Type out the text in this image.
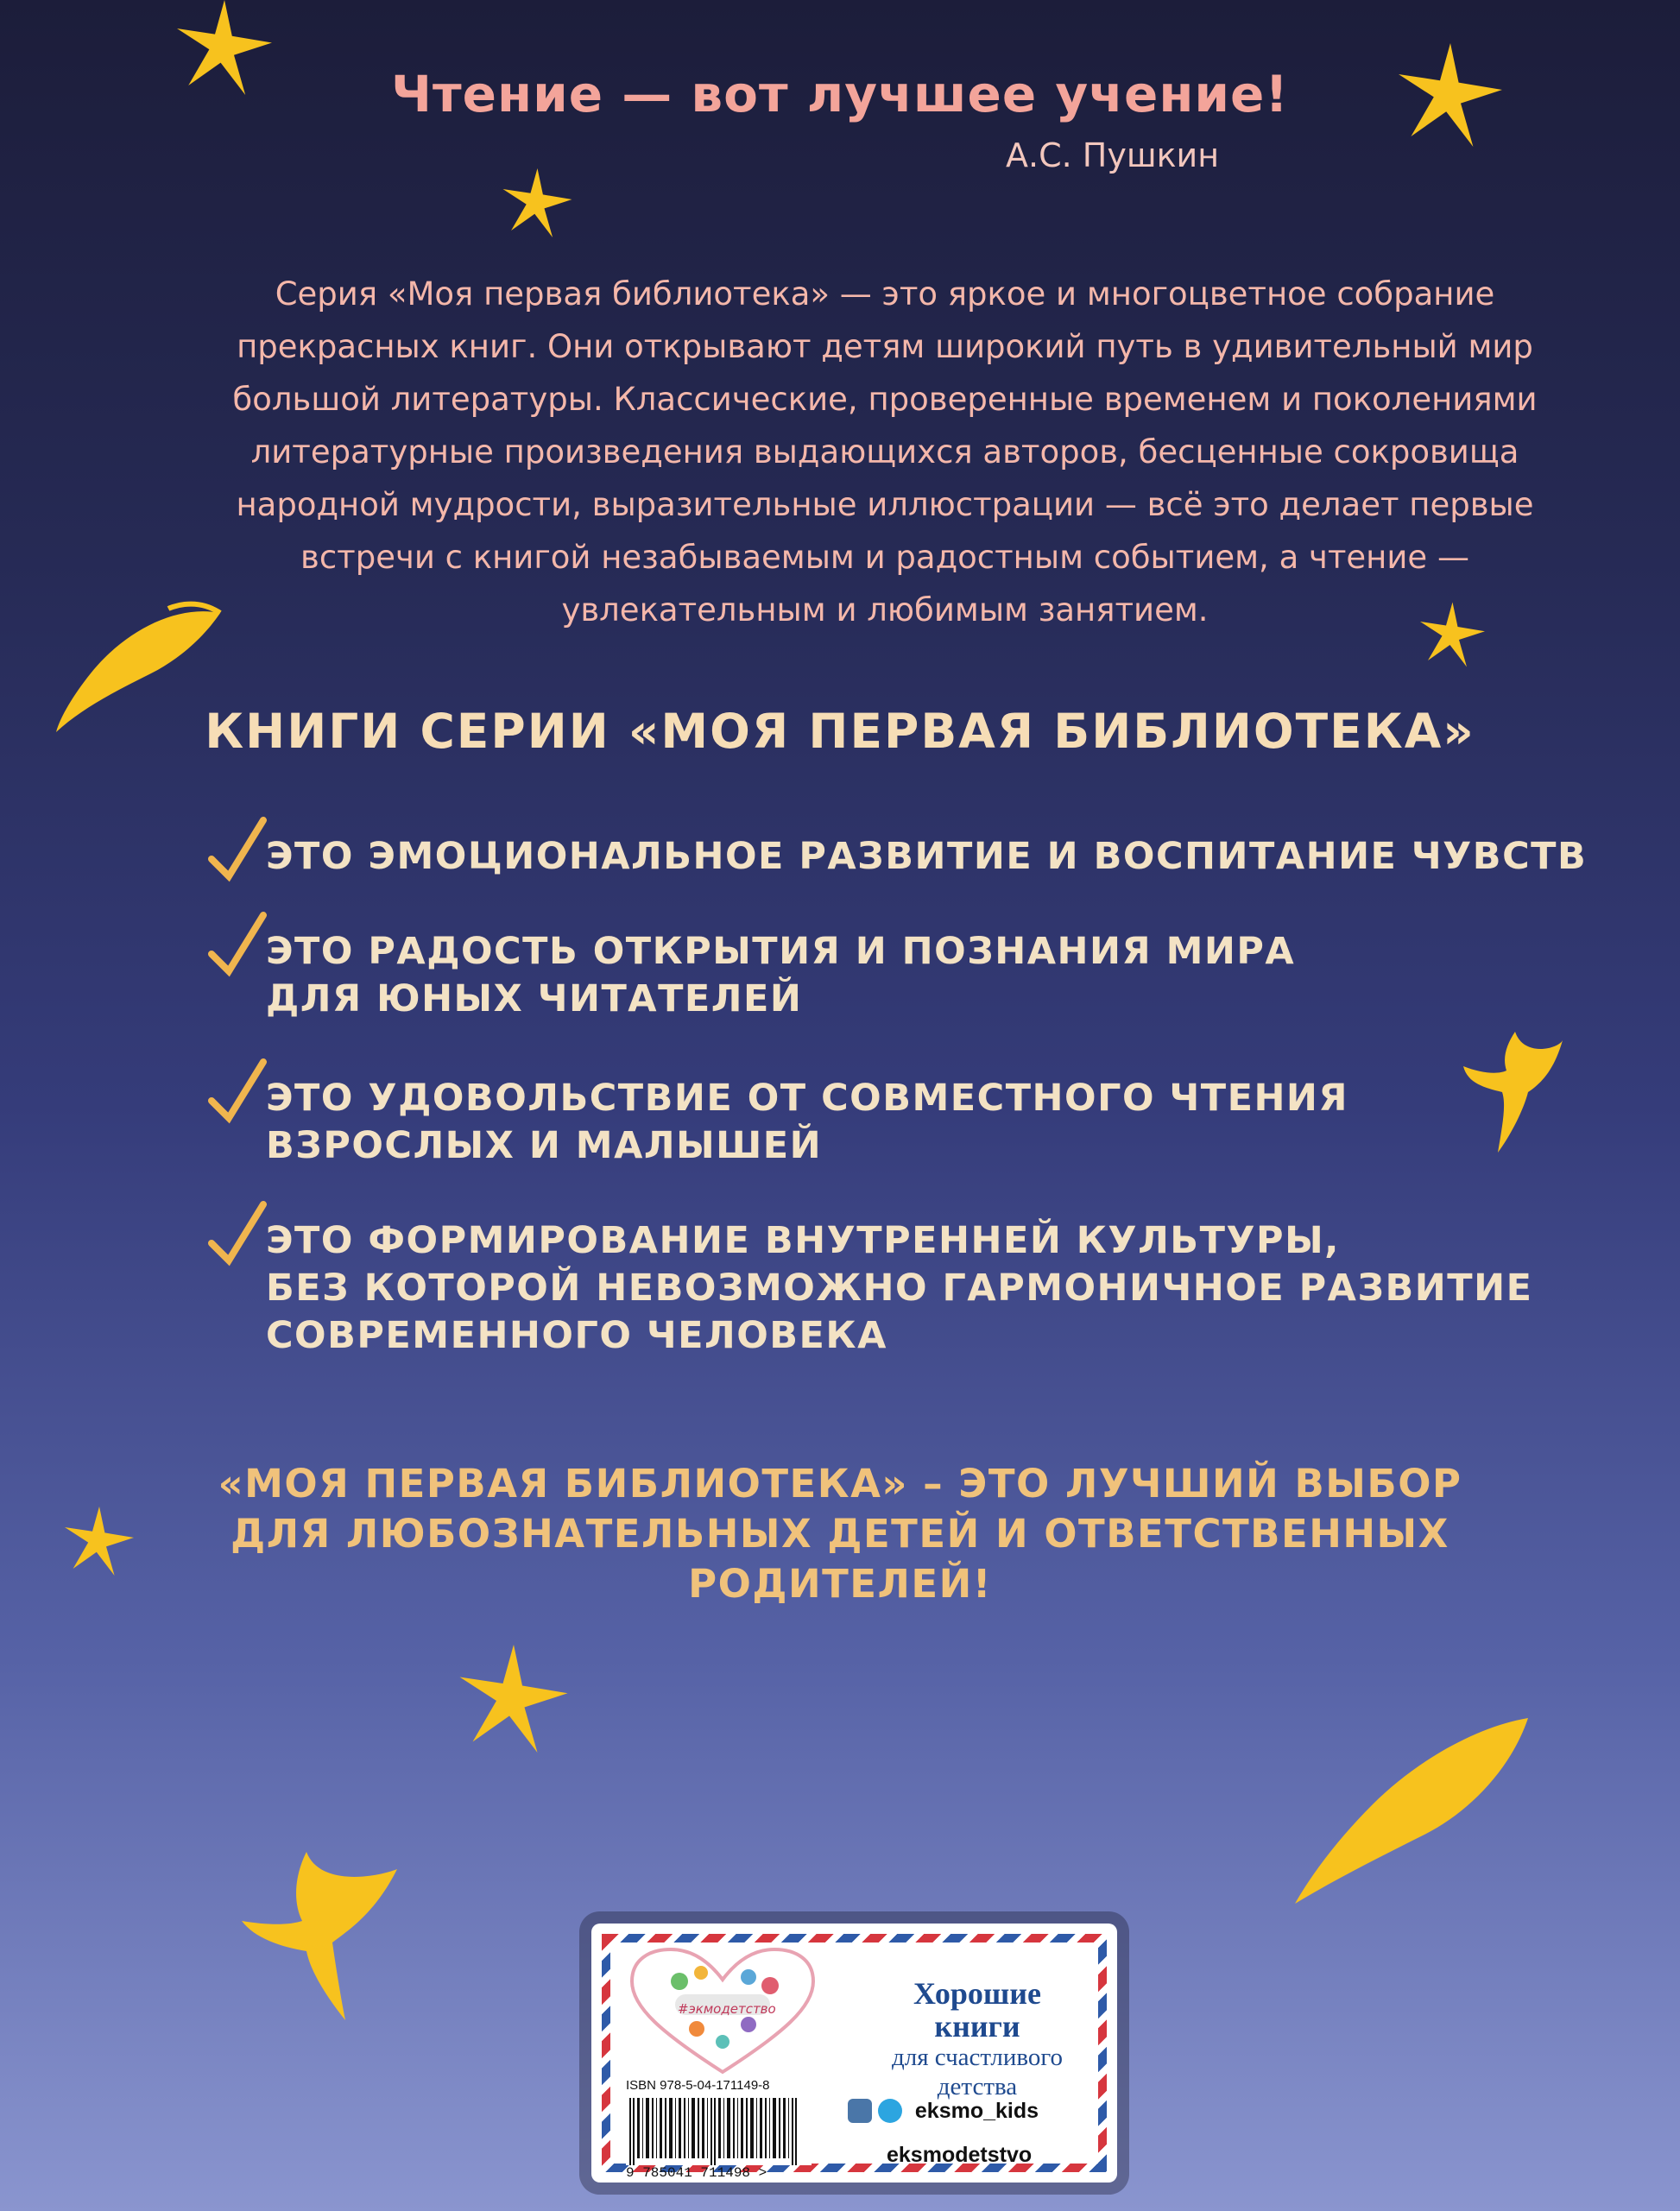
Чтение — вот лучшее учение!
А.С. Пушкин
Серия «Моя первая библиотека» — это яркое и многоцветное собрание
прекрасных книг. Они открывают детям широкий путь в удивительный мир
большой литературы. Классические, проверенные временем и поколениями
литературные произведения выдающихся авторов, бесценные сокровища
народной мудрости, выразительные иллюстрации — всё это делает первые
встречи с книгой незабываемым и радостным событием, а чтение —
увлекательным и любимым занятием.
КНИГИ СЕРИИ «МОЯ ПЕРВАЯ БИБЛИОТЕКА»
ЭТО ЭМОЦИОНАЛЬНОЕ РАЗВИТИЕ И ВОСПИТАНИЕ ЧУВСТВ
ЭТО РАДОСТЬ ОТКРЫТИЯ И ПОЗНАНИЯ МИРА
ДЛЯ ЮНЫХ ЧИТАТЕЛЕЙ
ЭТО УДОВОЛЬСТВИЕ ОТ СОВМЕСТНОГО ЧТЕНИЯ
ВЗРОСЛЫХ И МАЛЫШЕЙ
ЭТО ФОРМИРОВАНИЕ ВНУТРЕННЕЙ КУЛЬТУРЫ,
БЕЗ КОТОРОЙ НЕВОЗМОЖНО ГАРМОНИЧНОЕ РАЗВИТИЕ
СОВРЕМЕННОГО ЧЕЛОВЕКА
«МОЯ ПЕРВАЯ БИБЛИОТЕКА» – ЭТО ЛУЧШИЙ ВЫБОР
ДЛЯ ЛЮБОЗНАТЕЛЬНЫХ ДЕТЕЙ И ОТВЕТСТВЕННЫХ
РОДИТЕЛЕЙ!
#экмодетство	Хорошие
книги
для счастливого
детства
ISBN 978-5-04-171149-8
9 785041 711498 >
eksmo_kids
eksmodetstvo
